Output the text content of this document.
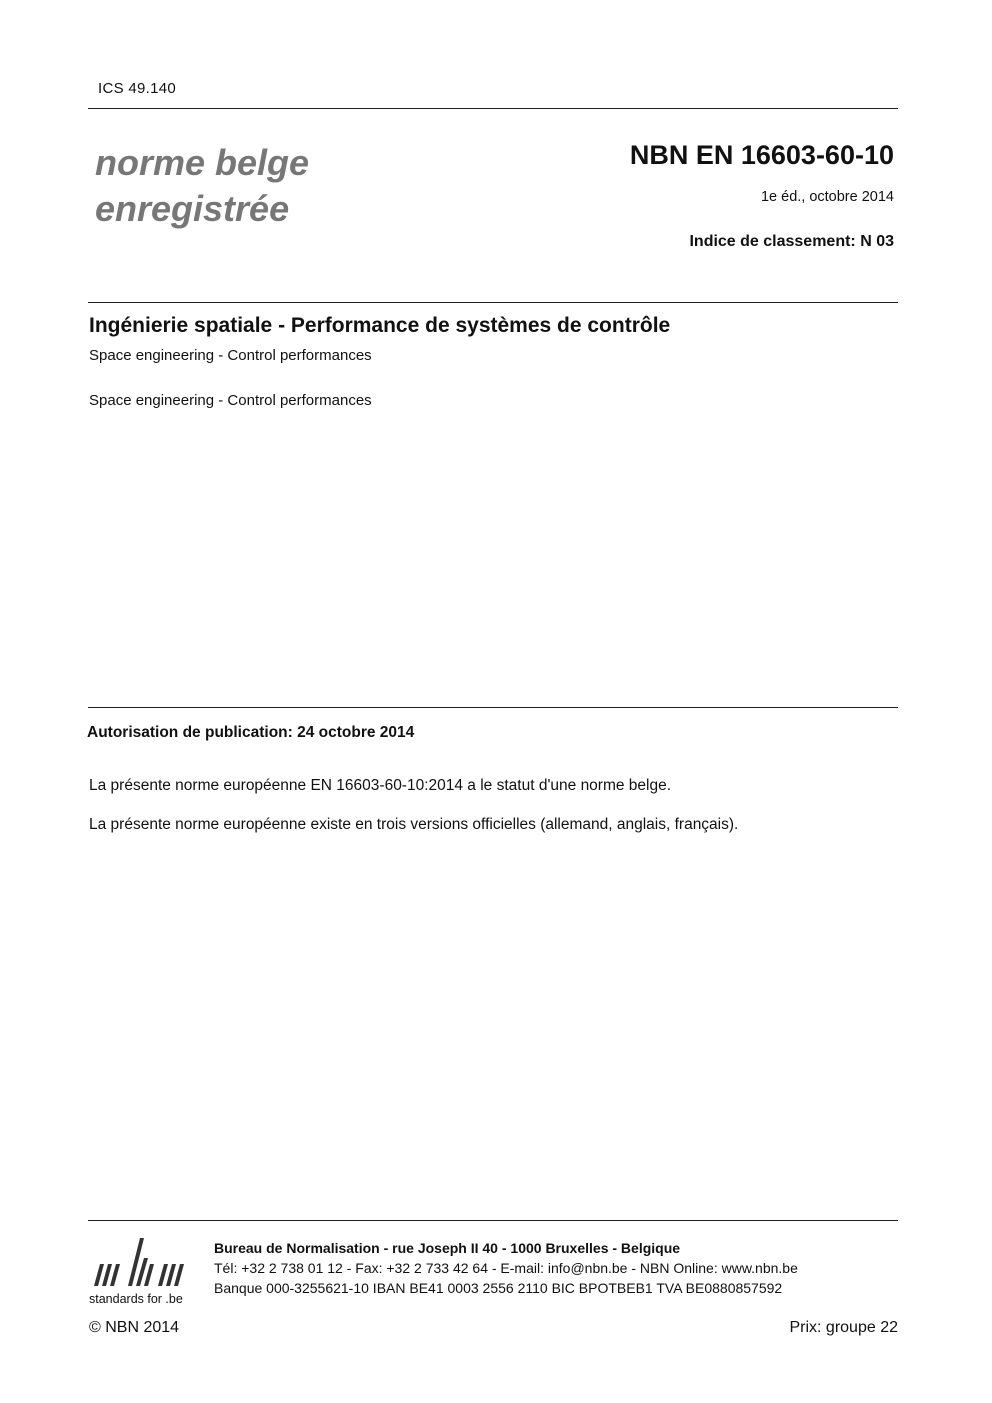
ICS 49.140
norme belge
enregistrée
NBN EN 16603-60-10
1e éd., octobre 2014
Indice de classement: N 03
Ingénierie spatiale - Performance de systèmes de contrôle
Space engineering - Control performances
Space engineering - Control performances
Autorisation de publication: 24 octobre 2014
La présente norme européenne EN 16603-60-10:2014 a le statut d'une norme belge.
La présente norme européenne existe en trois versions officielles (allemand, anglais, français).
standards for .be
Bureau de Normalisation - rue Joseph II 40 - 1000 Bruxelles - Belgique
Tél: +32 2 738 01 12 - Fax: +32 2 733 42 64 - E-mail: info@nbn.be - NBN Online: www.nbn.be
Banque 000-3255621-10 IBAN BE41 0003 2556 2110 BIC BPOTBEB1 TVA BE0880857592
© NBN 2014	Prix: groupe 22
